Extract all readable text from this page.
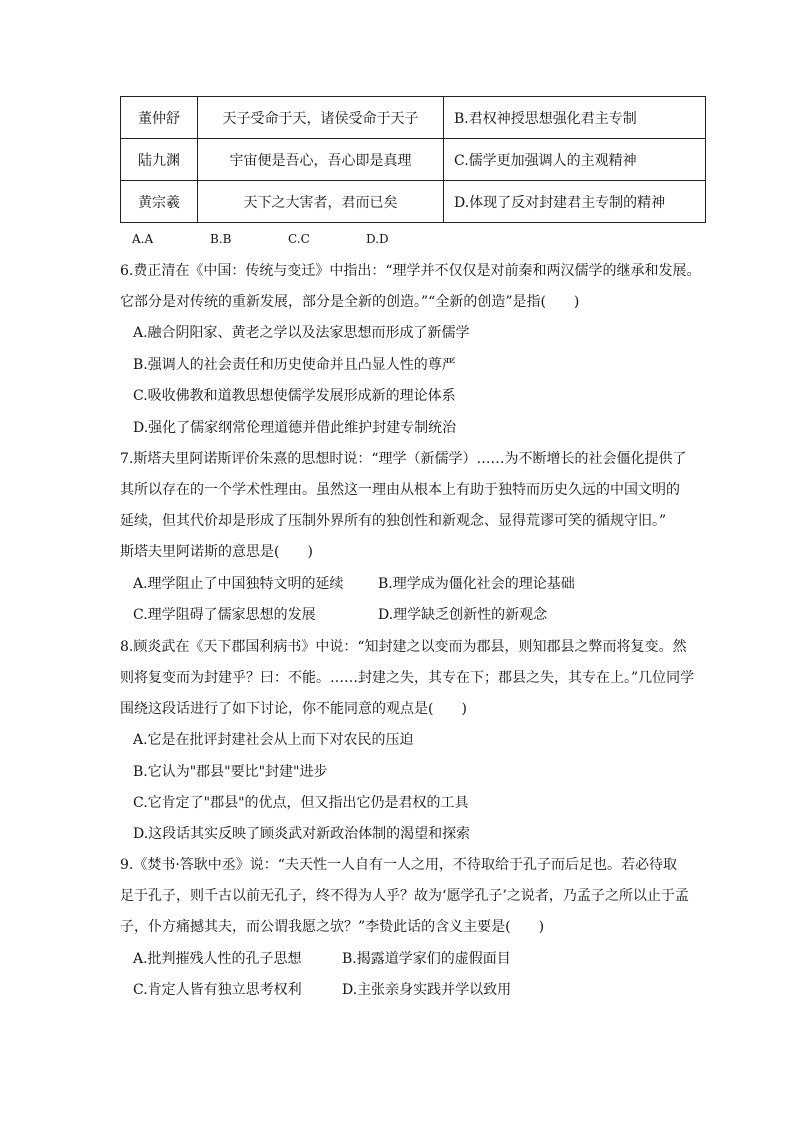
董仲舒	天子受命于天，诸侯受命于天子	B.君权神授思想强化君主专制
陆九渊	宇宙便是吾心，吾心即是真理	C.儒学更加强调人的主观精神
黄宗羲	天下之大害者，君而已矣	D.体现了反对封建君主专制的精神
A.A	B.B	C.C	D.D
6.费正清在《中国：传统与变迁》中指出：“理学并不仅仅是对前秦和两汉儒学的继承和发展。
它部分是对传统的重新发展，部分是全新的创造。”“全新的创造”是指(　　)
A.融合阴阳家、黄老之学以及法家思想而形成了新儒学
B.强调人的社会责任和历史使命并且凸显人性的尊严
C.吸收佛教和道教思想使儒学发展形成新的理论体系
D.强化了儒家纲常伦理道德并借此维护封建专制统治
7.斯塔夫里阿诺斯评价朱熹的思想时说：“理学（新儒学）……为不断增长的社会僵化提供了
其所以存在的一个学术性理由。虽然这一理由从根本上有助于独特而历史久远的中国文明的
延续，但其代价却是形成了压制外界所有的独创性和新观念、显得荒谬可笑的循规守旧。”
斯塔夫里阿诺斯的意思是(　　)
A.理学阻止了中国独特文明的延续 B.理学成为僵化社会的理论基础
C.理学阻碍了儒家思想的发展	D.理学缺乏创新性的新观念
8.顾炎武在《天下郡国利病书》中说：“知封建之以变而为郡县，则知郡县之弊而将复变。然
则将复变而为封建乎？曰：不能。……封建之失，其专在下；郡县之失，其专在上。”几位同学
围绕这段话进行了如下讨论，你不能同意的观点是(　　)
A.它是在批评封建社会从上而下对农民的压迫
B.它认为"郡县"要比"封建"进步
C.它肯定了"郡县"的优点，但又指出它仍是君权的工具
D.这段话其实反映了顾炎武对新政治体制的渴望和探索
9.《焚书·答耿中丞》说：“夫天性一人自有一人之用，不待取给于孔子而后足也。若必待取
足于孔子，则千古以前无孔子，终不得为人乎？故为‘愿学孔子’之说者，乃孟子之所以止于孟
子，仆方痛撼其夫，而公谓我愿之欤？”李贽此话的含义主要是(　　)
A.批判摧残人性的孔子思想	B.揭露道学家们的虚假面目
C.肯定人皆有独立思考权利	D.主张亲身实践并学以致用
